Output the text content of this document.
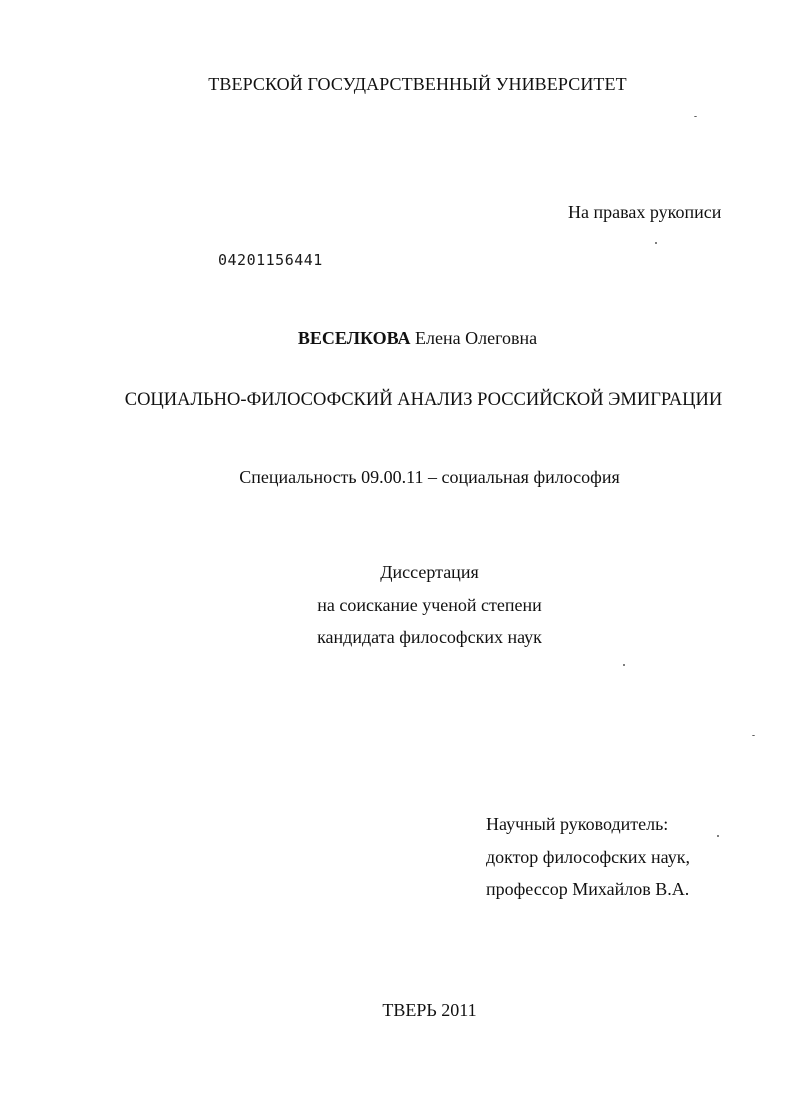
ТВЕРСКОЙ ГОСУДАРСТВЕННЫЙ УНИВЕРСИТЕТ
На правах рукописи
04201156441
ВЕСЕЛКОВА Елена Олеговна
СОЦИАЛЬНО-ФИЛОСОФСКИЙ АНАЛИЗ РОССИЙСКОЙ ЭМИГРАЦИИ
Специальность 09.00.11 – социальная философия
Диссертация
на соискание ученой степени
кандидата философских наук
Научный руководитель:
доктор философских наук,
профессор Михайлов В.А.
ТВЕРЬ 2011
